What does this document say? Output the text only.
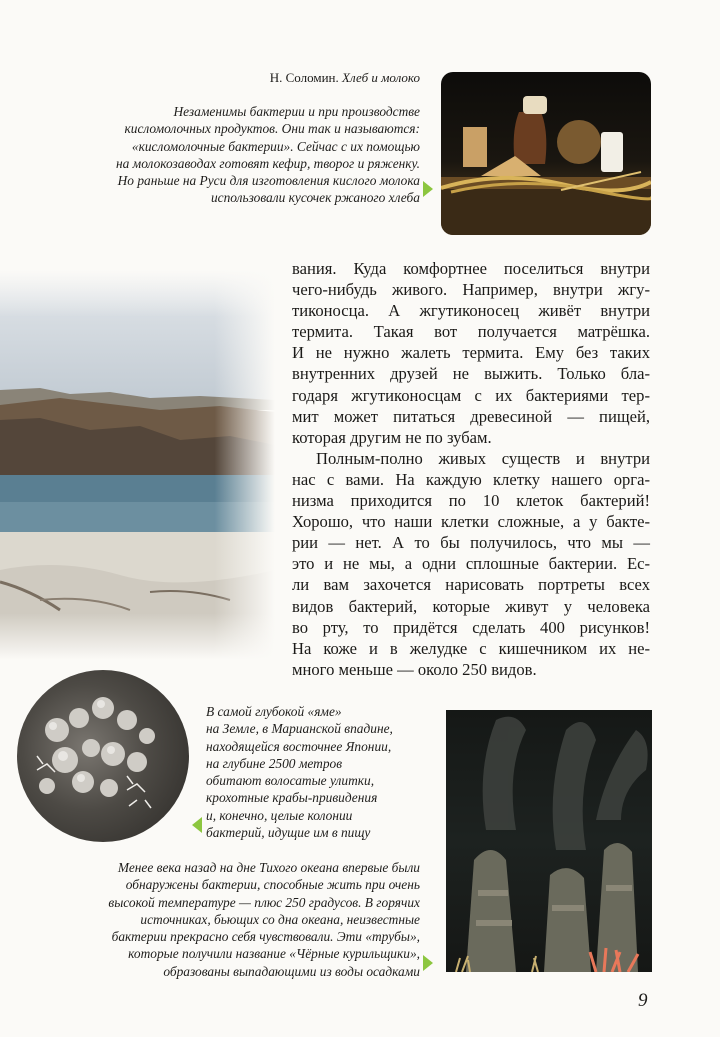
Н. Соломин. Хлеб и молоко
Незаменимы бактерии и при производстве
кисломолочных продуктов. Они так и называются:
«кисломолочные бактерии». Сейчас с их помощью
на молокозаводах готовят кефир, творог и ряженку.
Но раньше на Руси для изготовления кислого молока
использовали кусочек ржаного хлеба
вания. Куда комфортнее поселиться внутри
чего-нибудь живого. Например, внутри жгу-
тиконосца. А жгутиконосец живёт внутри
термита. Такая вот получается матрёшка.
И не нужно жалеть термита. Ему без таких
внутренних друзей не выжить. Только бла-
годаря жгутиконосцам с их бактериями тер-
мит может питаться древесиной — пищей,
которая другим не по зубам.
Полным-полно живых существ и внутри
нас с вами. На каждую клетку нашего орга-
низма приходится по 10 клеток бактерий!
Хорошо, что наши клетки сложные, а у бакте-
рии — нет. А то бы получилось, что мы —
это и не мы, а одни сплошные бактерии. Ес-
ли вам захочется нарисовать портреты всех
видов бактерий, которые живут у человека
во рту, то придётся сделать 400 рисунков!
На коже и в желудке с кишечником их не-
много меньше — около 250 видов.
В самой глубокой «яме»
на Земле, в Марианской впадине,
находящейся восточнее Японии,
на глубине 2500 метров
обитают волосатые улитки,
крохотные крабы-привидения
и, конечно, целые колонии
бактерий, идущие им в пищу
Менее века назад на дне Тихого океана впервые были
обнаружены бактерии, способные жить при очень
высокой температуре — плюс 250 градусов. В горячих
источниках, бьющих со дна океана, неизвестные
бактерии прекрасно себя чувствовали. Эти «трубы»,
которые получили название «Чёрные курильщики»,
образованы выпадающими из воды осадками
9
